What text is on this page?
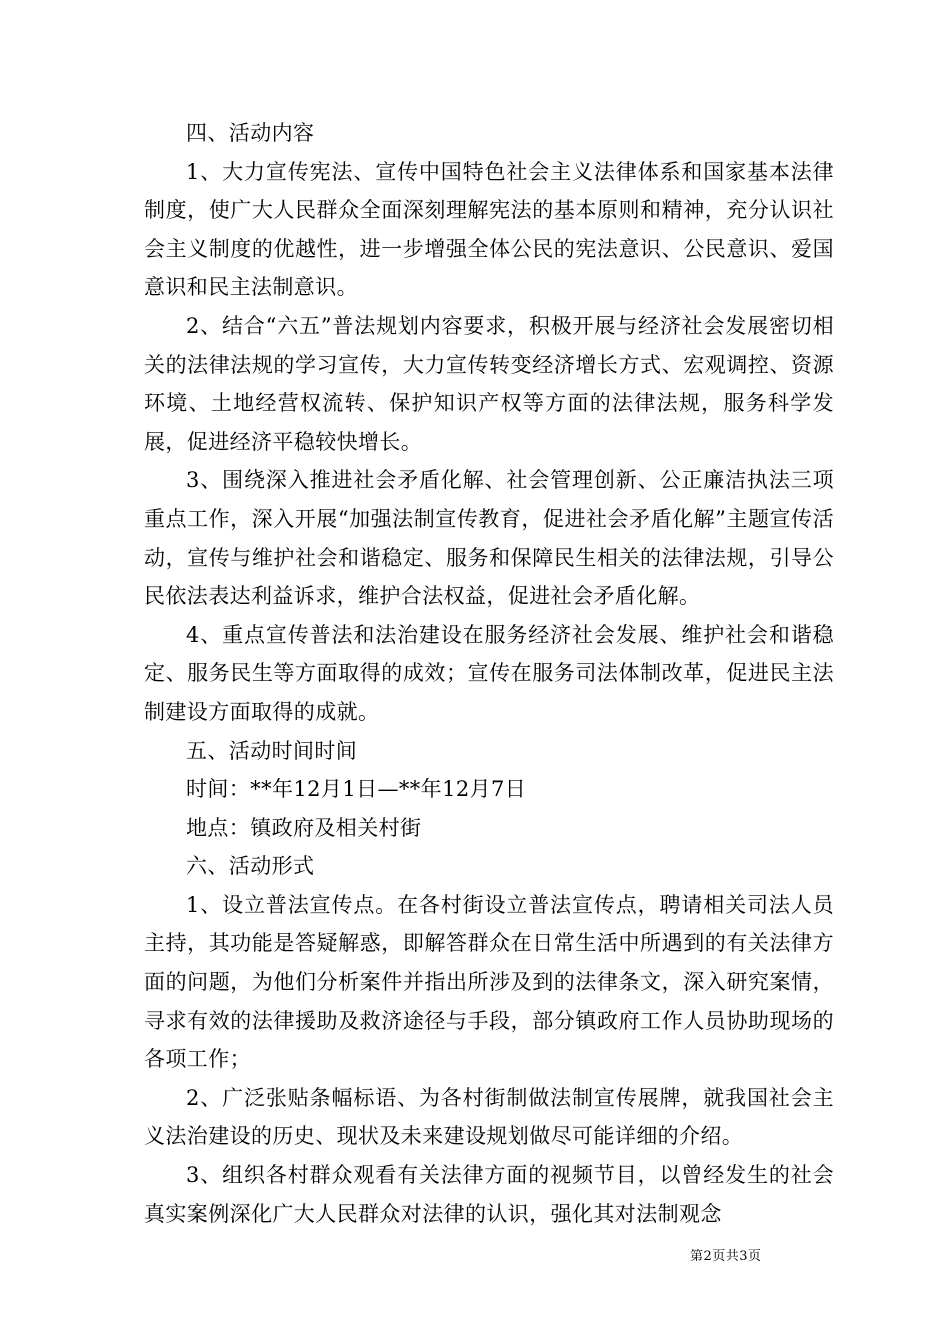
四、活动内容

1、大力宣传宪法、宣传中国特色社会主义法律体系和国家基本法律制度，使广大人民群众全面深刻理解宪法的基本原则和精神，充分认识社会主义制度的优越性，进一步增强全体公民的宪法意识、公民意识、爱国意识和民主法制意识。

2、结合“六五”普法规划内容要求，积极开展与经济社会发展密切相关的法律法规的学习宣传，大力宣传转变经济增长方式、宏观调控、资源环境、土地经营权流转、保护知识产权等方面的法律法规，服务科学发展，促进经济平稳较快增长。

3、围绕深入推进社会矛盾化解、社会管理创新、公正廉洁执法三项重点工作，深入开展“加强法制宣传教育，促进社会矛盾化解”主题宣传活动，宣传与维护社会和谐稳定、服务和保障民生相关的法律法规，引导公民依法表达利益诉求，维护合法权益，促进社会矛盾化解。

4、重点宣传普法和法治建设在服务经济社会发展、维护社会和谐稳定、服务民生等方面取得的成效；宣传在服务司法体制改革，促进民主法制建设方面取得的成就。

五、活动时间时间

时间：**年12月1日—**年12月7日

地点：镇政府及相关村街

六、活动形式

1、设立普法宣传点。在各村街设立普法宣传点，聘请相关司法人员主持，其功能是答疑解惑，即解答群众在日常生活中所遇到的有关法律方面的问题，为他们分析案件并指出所涉及到的法律条文，深入研究案情，寻求有效的法律援助及救济途径与手段，部分镇政府工作人员协助现场的各项工作；

2、广泛张贴条幅标语、为各村街制做法制宣传展牌，就我国社会主义法治建设的历史、现状及未来建设规划做尽可能详细的介绍。

3、组织各村群众观看有关法律方面的视频节目，以曾经发生的社会真实案例深化广大人民群众对法律的认识，强化其对法制观念

第2页共3页
